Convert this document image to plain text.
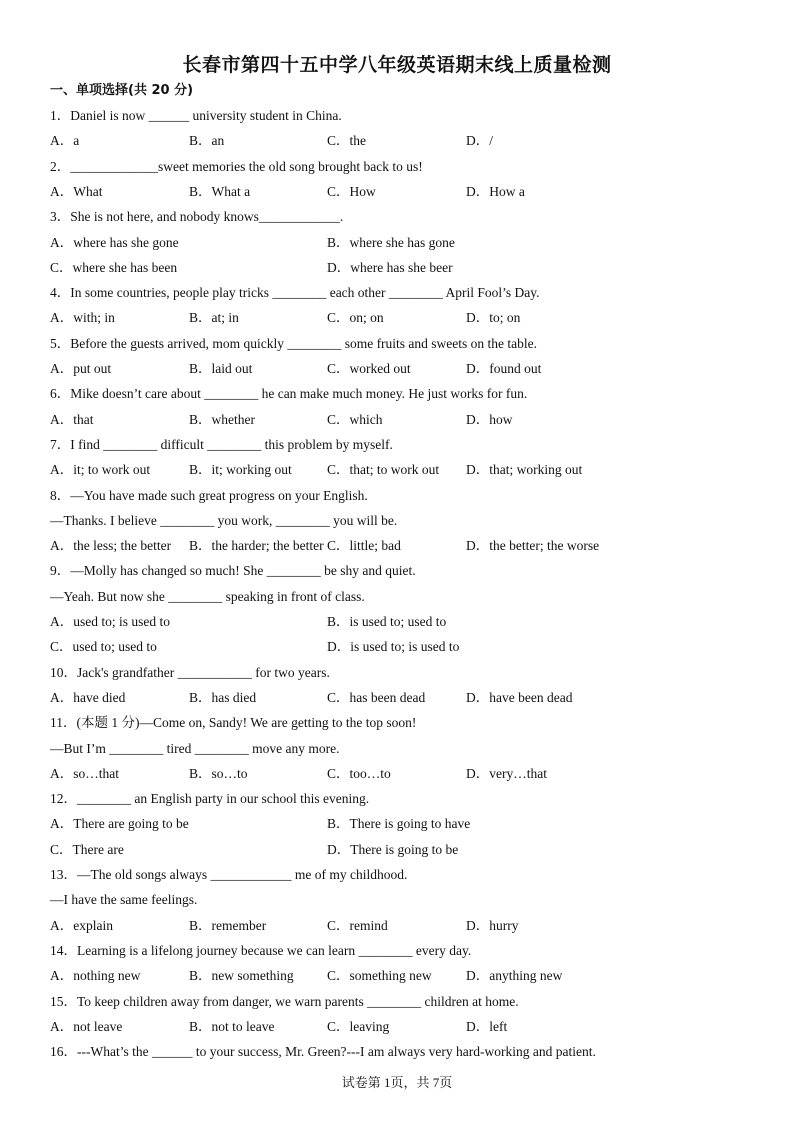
长春市第四十五中学八年级英语期末线上质量检测
一、单项选择(共 20 分)
1．Daniel is now ______ university student in China.
A．a	B．an	C．the	D．/
2．_____________sweet memories the old song brought back to us!
A．What	B．What a	C．How	D．How a
3．She is not here, and nobody knows____________.
A．where has she gone	B．where she has gone
C．where she has been	D．where has she beer
4．In some countries, people play tricks ________ each other ________ April Fool’s Day.
A．with; in	B．at; in	C．on; on	D．to; on
5．Before the guests arrived, mom quickly ________ some fruits and sweets on the table.
A．put out	B．laid out	C．worked out	D．found out
6．Mike doesn’t care about ________ he can make much money. He just works for fun.
A．that	B．whether	C．which	D．how
7．I find ________ difficult ________ this problem by myself.
A．it; to work out	B．it; working out	C．that; to work out D．that; working out
8．—You have made such great progress on your English.
—Thanks. I believe ________ you work, ________ you will be.
A．the less; the better B．the harder; the better C．little; bad	D．the better; the worse
9．—Molly has changed so much! She ________ be shy and quiet.
—Yeah. But now she ________ speaking in front of class.
A．used to; is used to	B．is used to; used to
C．used to; used to	D．is used to; is used to
10．Jack's grandfather ___________ for two years.
A．have died	B．has died	C．has been dead	D．have been dead
11．(本题 1 分)—Come on, Sandy! We are getting to the top soon!
—But I’m ________ tired ________ move any more.
A．so…that	B．so…to	C．too…to	D．very…that
12．________ an English party in our school this evening.
A．There are going to be	B．There is going to have
C．There are	D．There is going to be
13．—The old songs always ____________ me of my childhood.
—I have the same feelings.
A．explain	B．remember	C．remind	D．hurry
14．Learning is a lifelong journey because we can learn ________ every day.
A．nothing new	B．new something C．something new	D．anything new
15．To keep children away from danger, we warn parents ________ children at home.
A．not leave	B．not to leave	C．leaving	D．left
16．---What’s the ______ to your success, Mr. Green?---I am always very hard-working and patient.
试卷第 1页，共 7页
